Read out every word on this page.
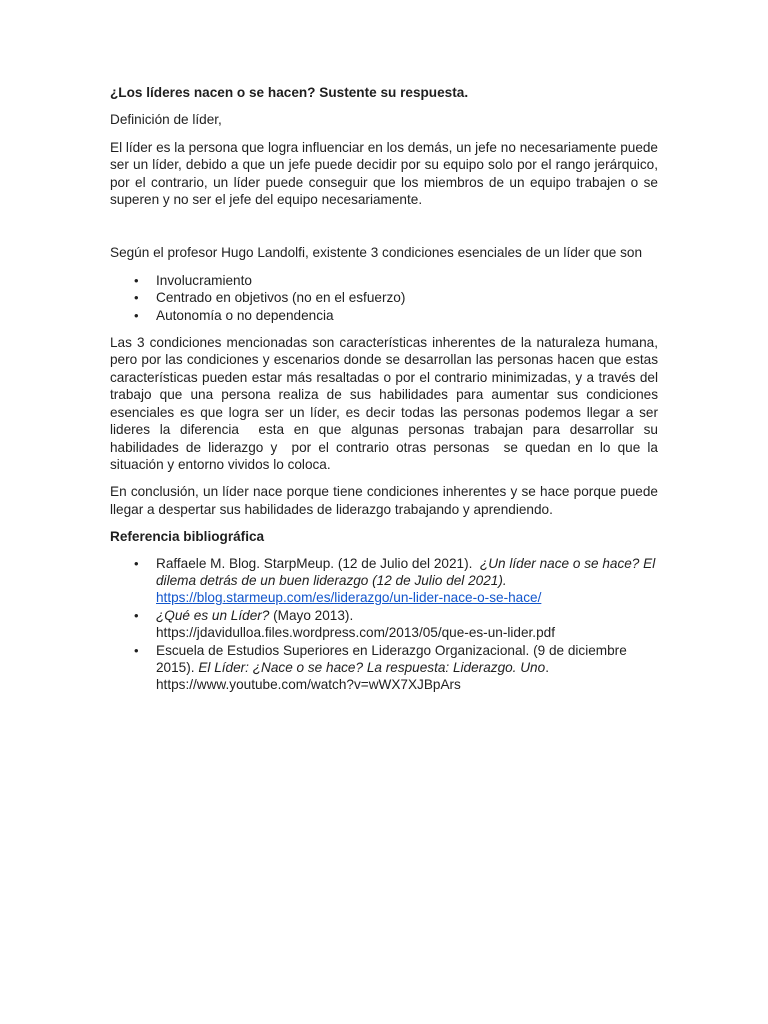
¿Los líderes nacen o se hacen? Sustente su respuesta.

Definición de líder,

El líder es la persona que logra influenciar en los demás, un jefe no necesariamente puede ser un líder, debido a que un jefe puede decidir por su equipo solo por el rango jerárquico, por el contrario, un líder puede conseguir que los miembros de un equipo trabajen o se superen y no ser el jefe del equipo necesariamente.

Según el profesor Hugo Landolfi, existente 3 condiciones esenciales de un líder que son

• Involucramiento
• Centrado en objetivos (no en el esfuerzo)
• Autonomía o no dependencia

Las 3 condiciones mencionadas son características inherentes de la naturaleza humana, pero por las condiciones y escenarios donde se desarrollan las personas hacen que estas características pueden estar más resaltadas o por el contrario minimizadas, y a través del trabajo que una persona realiza de sus habilidades para aumentar sus condiciones esenciales es que logra ser un líder, es decir todas las personas podemos llegar a ser lideres la diferencia  esta en que algunas personas trabajan para desarrollar su habilidades de liderazgo y  por el contrario otras personas  se quedan en lo que la situación y entorno vividos lo coloca.

En conclusión, un líder nace porque tiene condiciones inherentes y se hace porque puede llegar a despertar sus habilidades de liderazgo trabajando y aprendiendo.

Referencia bibliográfica

• Raffaele M. Blog. StarpMeup. (12 de Julio del 2021).  ¿Un líder nace o se hace? El dilema detrás de un buen liderazgo (12 de Julio del 2021).
https://blog.starmeup.com/es/liderazgo/un-lider-nace-o-se-hace/
• ¿Qué es un Líder? (Mayo 2013).
https://jdavidulloa.files.wordpress.com/2013/05/que-es-un-lider.pdf
• Escuela de Estudios Superiores en Liderazgo Organizacional. (9 de diciembre 2015). El Líder: ¿Nace o se hace? La respuesta: Liderazgo. Uno.
https://www.youtube.com/watch?v=wWX7XJBpArs
